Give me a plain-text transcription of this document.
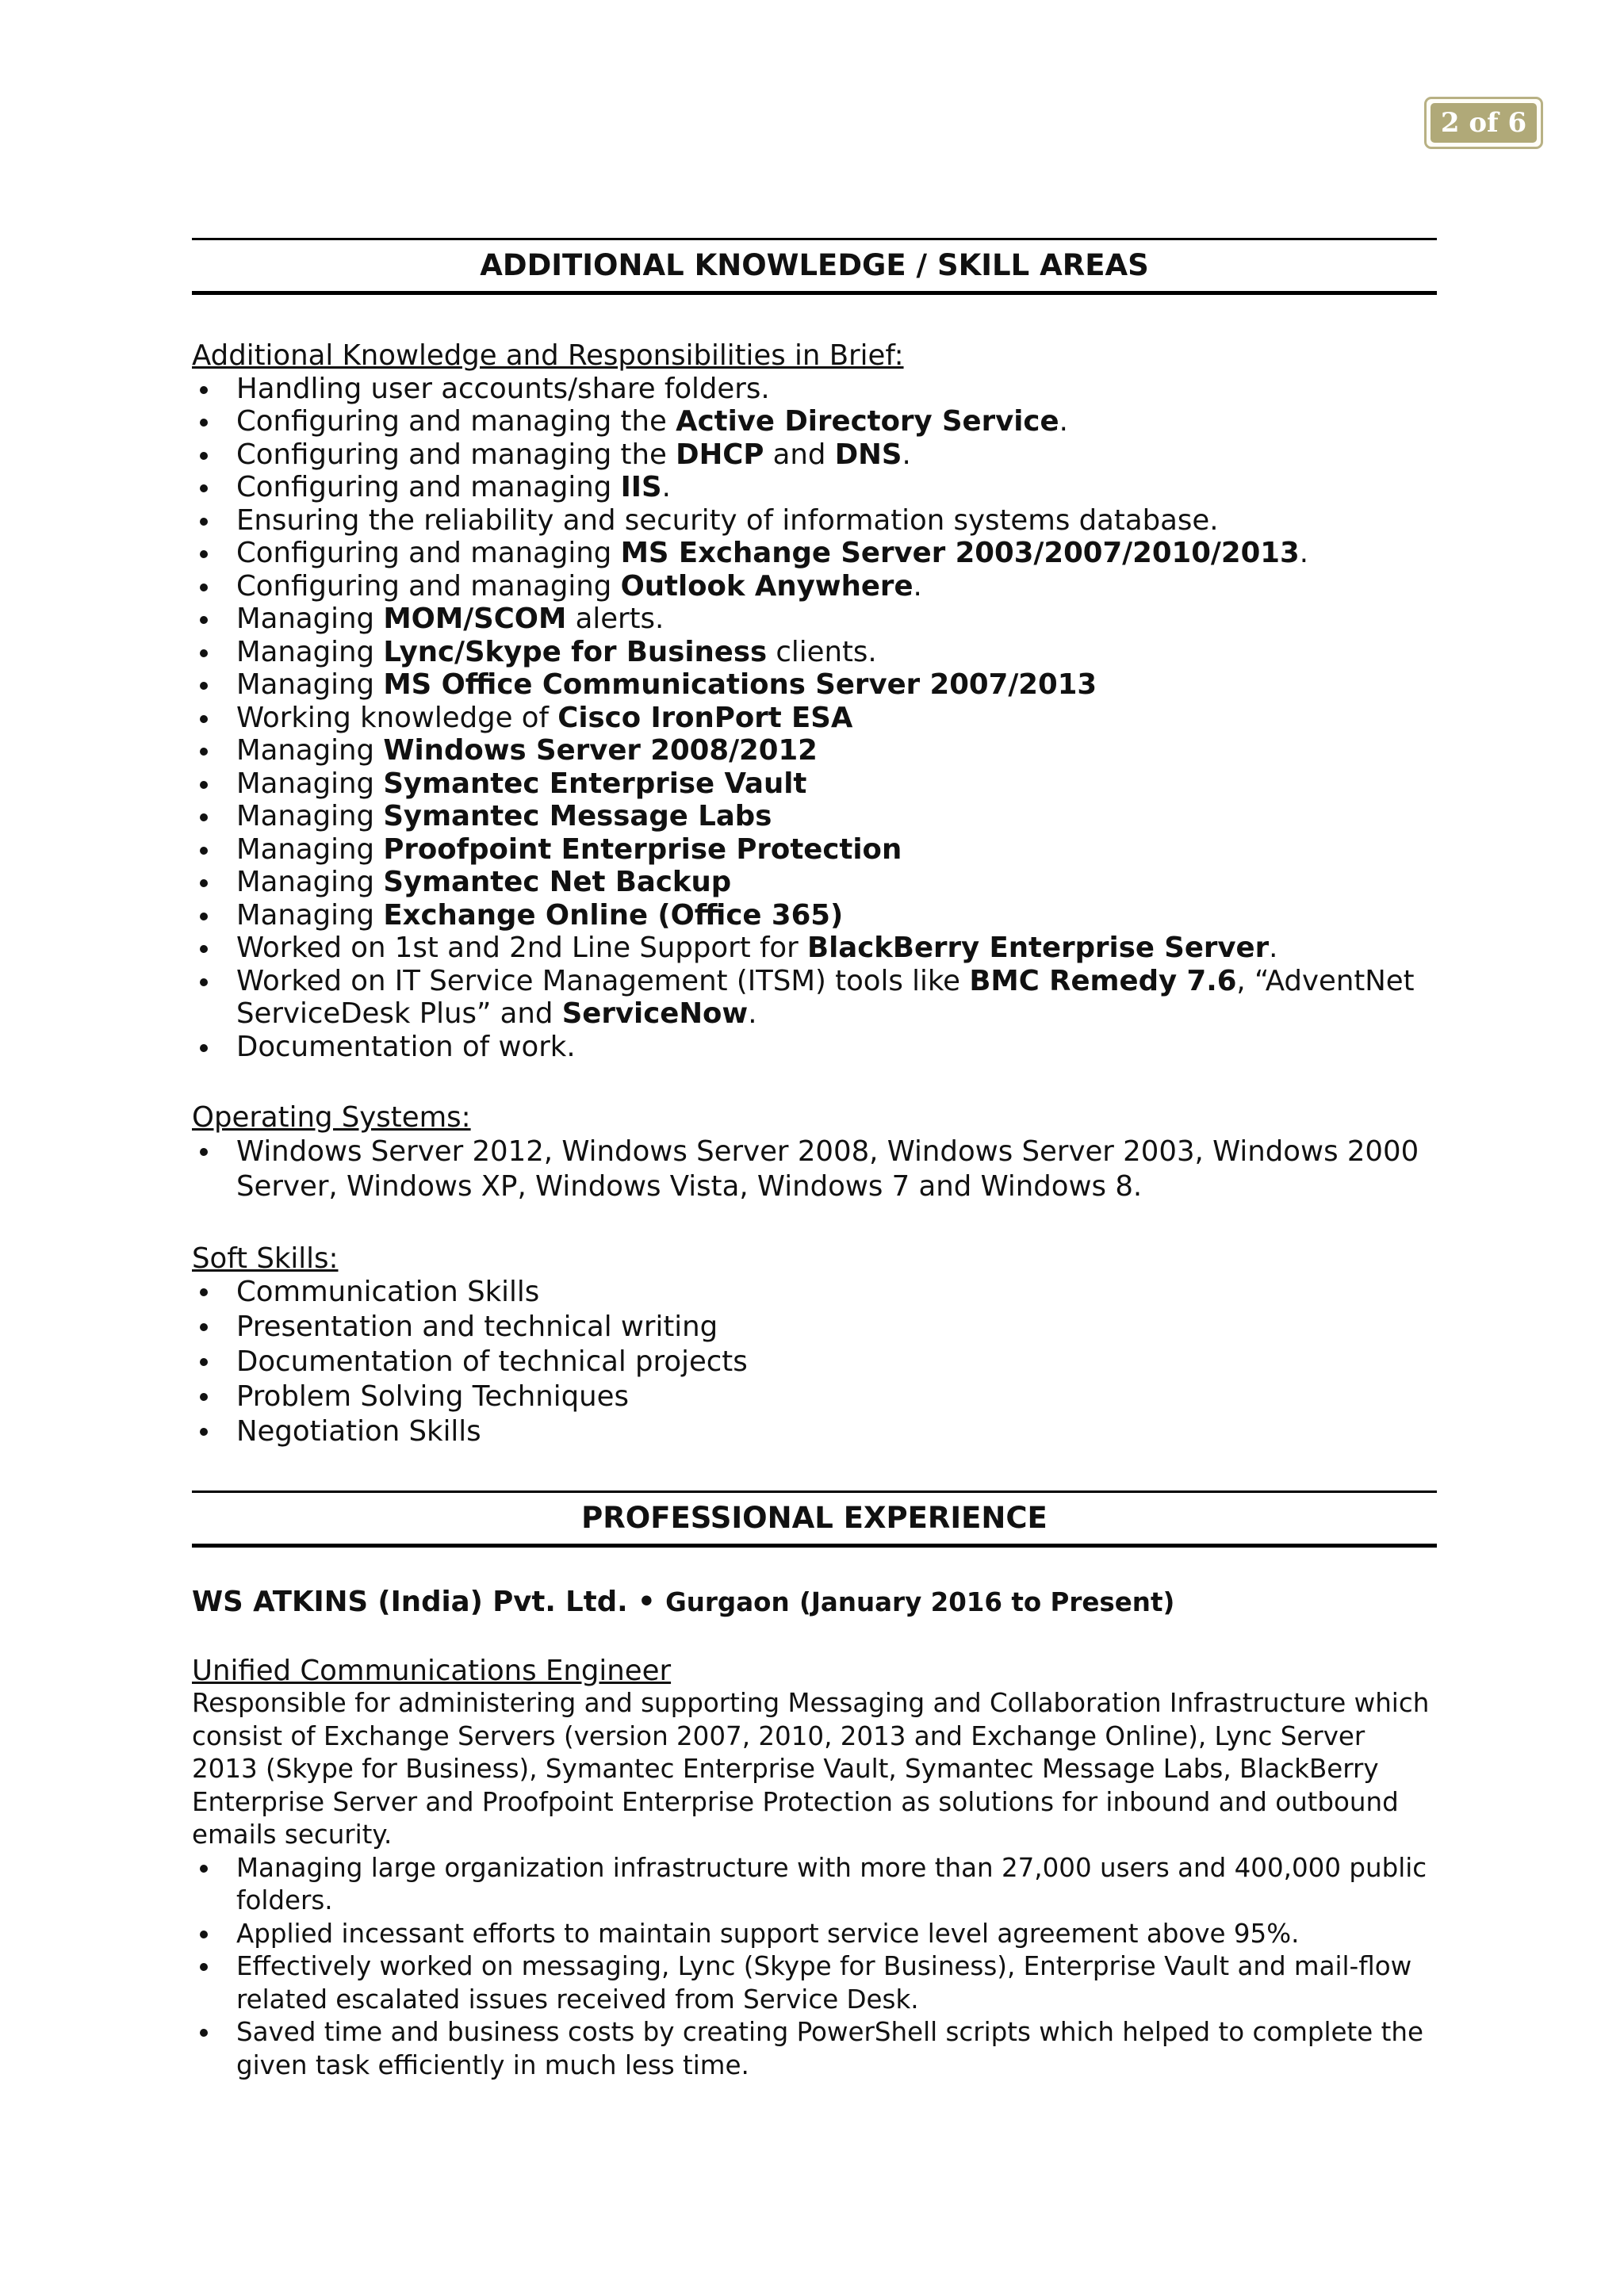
2 of 6
ADDITIONAL KNOWLEDGE / SKILL AREAS

Additional Knowledge and Responsibilities in Brief:

Handling user accounts/share folders.
Configuring and managing the Active Directory Service.
Configuring and managing the DHCP and DNS.
Configuring and managing IIS.
Ensuring the reliability and security of information systems database.
Configuring and managing MS Exchange Server 2003/2007/2010/2013.
Configuring and managing Outlook Anywhere.
Managing MOM/SCOM alerts.
Managing Lync/Skype for Business clients.
Managing MS Office Communications Server 2007/2013
Working knowledge of Cisco IronPort ESA
Managing Windows Server 2008/2012
Managing Symantec Enterprise Vault
Managing Symantec Message Labs
Managing Proofpoint Enterprise Protection
Managing Symantec Net Backup
Managing Exchange Online (Office 365)
Worked on 1st and 2nd Line Support for BlackBerry Enterprise Server.
Worked on IT Service Management (ITSM) tools like BMC Remedy 7.6, “AdventNet ServiceDesk Plus” and ServiceNow.
Documentation of work.

Operating Systems:

Windows Server 2012, Windows Server 2008, Windows Server 2003, Windows 2000 Server, Windows XP, Windows Vista, Windows 7 and Windows 8.

Soft Skills:

Communication Skills
Presentation and technical writing
Documentation of technical projects
Problem Solving Techniques
Negotiation Skills
PROFESSIONAL EXPERIENCE

WS ATKINS (India) Pvt. Ltd. • Gurgaon (January 2016 to Present)

Unified Communications Engineer

Responsible for administering and supporting Messaging and Collaboration Infrastructure which consist of Exchange Servers (version 2007, 2010, 2013 and Exchange Online), Lync Server 2013 (Skype for Business), Symantec Enterprise Vault, Symantec Message Labs, BlackBerry Enterprise Server and Proofpoint Enterprise Protection as solutions for inbound and outbound emails security.

Managing large organization infrastructure with more than 27,000 users and 400,000 public folders.
Applied incessant efforts to maintain support service level agreement above 95%.
Effectively worked on messaging, Lync (Skype for Business), Enterprise Vault and mail-flow related escalated issues received from Service Desk.
Saved time and business costs by creating PowerShell scripts which helped to complete the given task efficiently in much less time.
